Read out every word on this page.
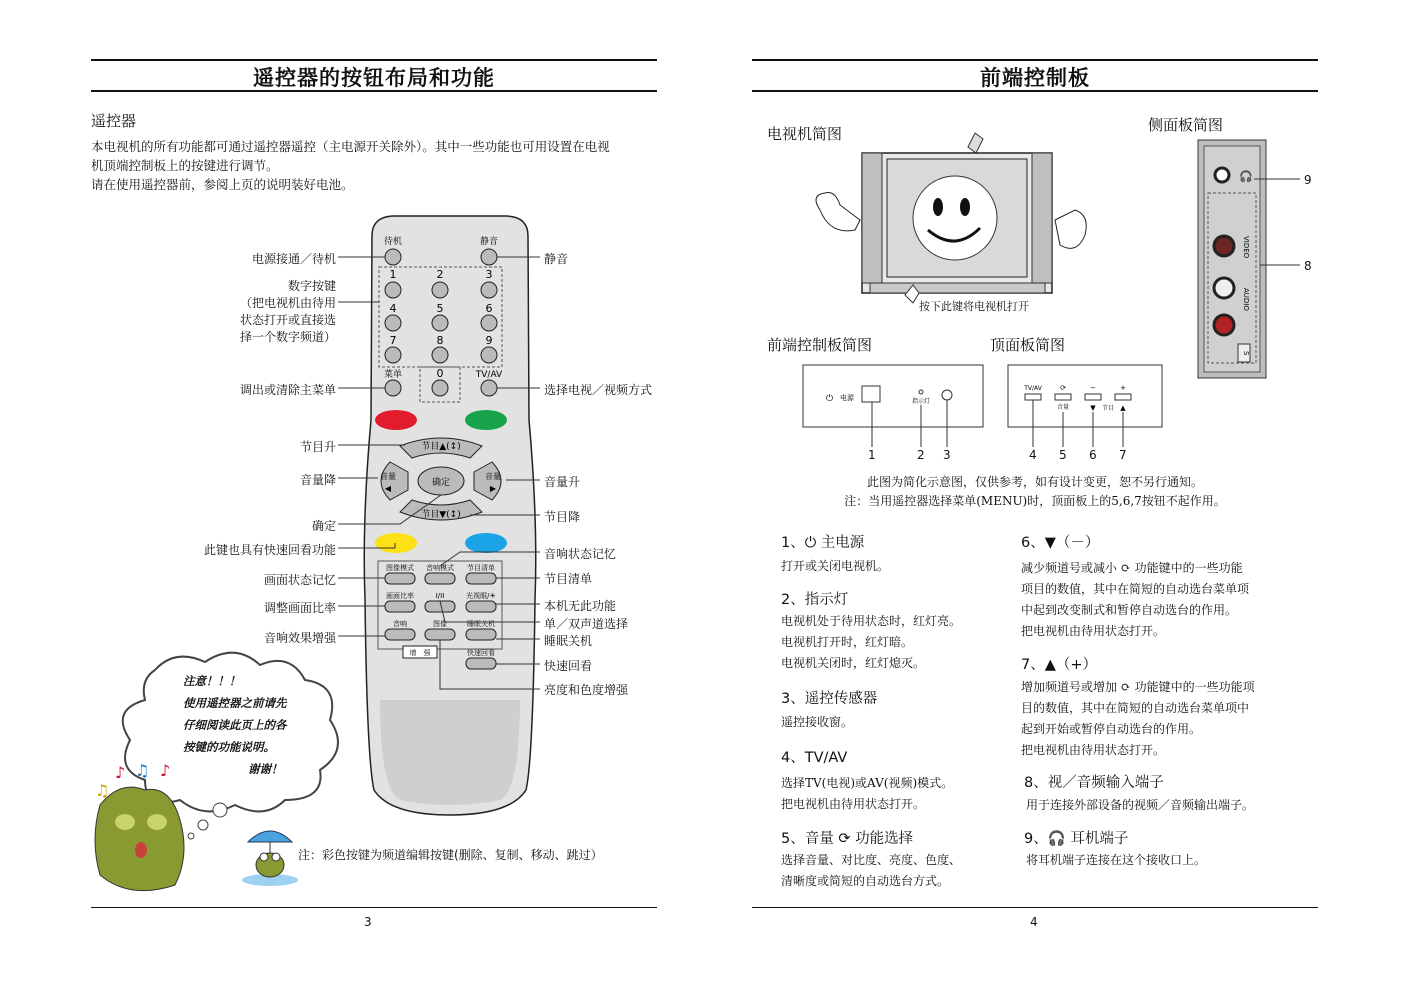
遥控器的按钮布局和功能
遥控器
本电视机的所有功能都可通过遥控器遥控（主电源开关除外）。其中一些功能也可用设置在电视
机顶端控制板上的按键进行调节。
请在使用遥控器前，参阅上页的说明装好电池。
待机	静音
1	2	3
4	5	6
7	8	9
菜单	0	TV/AV
节目▲(↕)
节目▼(↕)
音量
◀
音量
▶
确定
图像模式 音响模式 节目清单
画面比率	I/II	光视眼/☀
音响	图像	睡眠关机
增　强	快速回看
电源接通／待机
数字按键
（把电视机由待用
状态打开或直接选
择一个数字频道）
调出或清除主菜单
节目升
音量降
确定
此键也具有快速回看功能
画面状态记忆
调整画面比率
音响效果增强
静音
选择电视／视频方式
音量升
节目降
音响状态记忆
节目清单
本机无此功能
单／双声道选择
睡眠关机
快速回看
亮度和色度增强
♫
♪ ♫ ♪
注意！！！
使用遥控器之前请先
仔细阅读此页上的各
按键的功能说明。
谢谢！
注：彩色按键为频道编辑按键(删除、复制、移动、跳过）
3
前端控制板
电视机简图	侧面板简图
按下此键将电视机打开
🎧
VIDEO
AUDIO
S
9
8
前端控制板简图	顶面板简图
⏻ 电源	指示灯
1	2 3
TV/AV	⟳
音量
−
▼ 节目
+
▲
4 5 6 7
此图为简化示意图，仅供参考，如有设计变更，恕不另行通知。
注：当用遥控器选择菜单(MENU)时，顶面板上的5,6,7按钮不起作用。
1、⏻ 主电源
打开或关闭电视机。
2、指示灯
电视机处于待用状态时，红灯亮。
电视机打开时，红灯暗。
电视机关闭时，红灯熄灭。
3、遥控传感器
遥控接收窗。
4、TV/AV
选择TV(电视)或AV(视频)模式。
把电视机由待用状态打开。
5、音量 ⟳ 功能选择
选择音量、对比度、亮度、色度、
清晰度或简短的自动选台方式。
6、▼（－）
减少频道号或减小 ⟳ 功能键中的一些功能
项目的数值，其中在简短的自动选台菜单项
中起到改变制式和暂停自动选台的作用。
把电视机由待用状态打开。
7、▲（+）
增加频道号或增加 ⟳ 功能键中的一些功能项
目的数值，其中在简短的自动选台菜单项中
起到开始或暂停自动选台的作用。
把电视机由待用状态打开。
8、视／音频输入端子
用于连接外部设备的视频／音频输出端子。
9、🎧 耳机端子
将耳机端子连接在这个接收口上。
4
